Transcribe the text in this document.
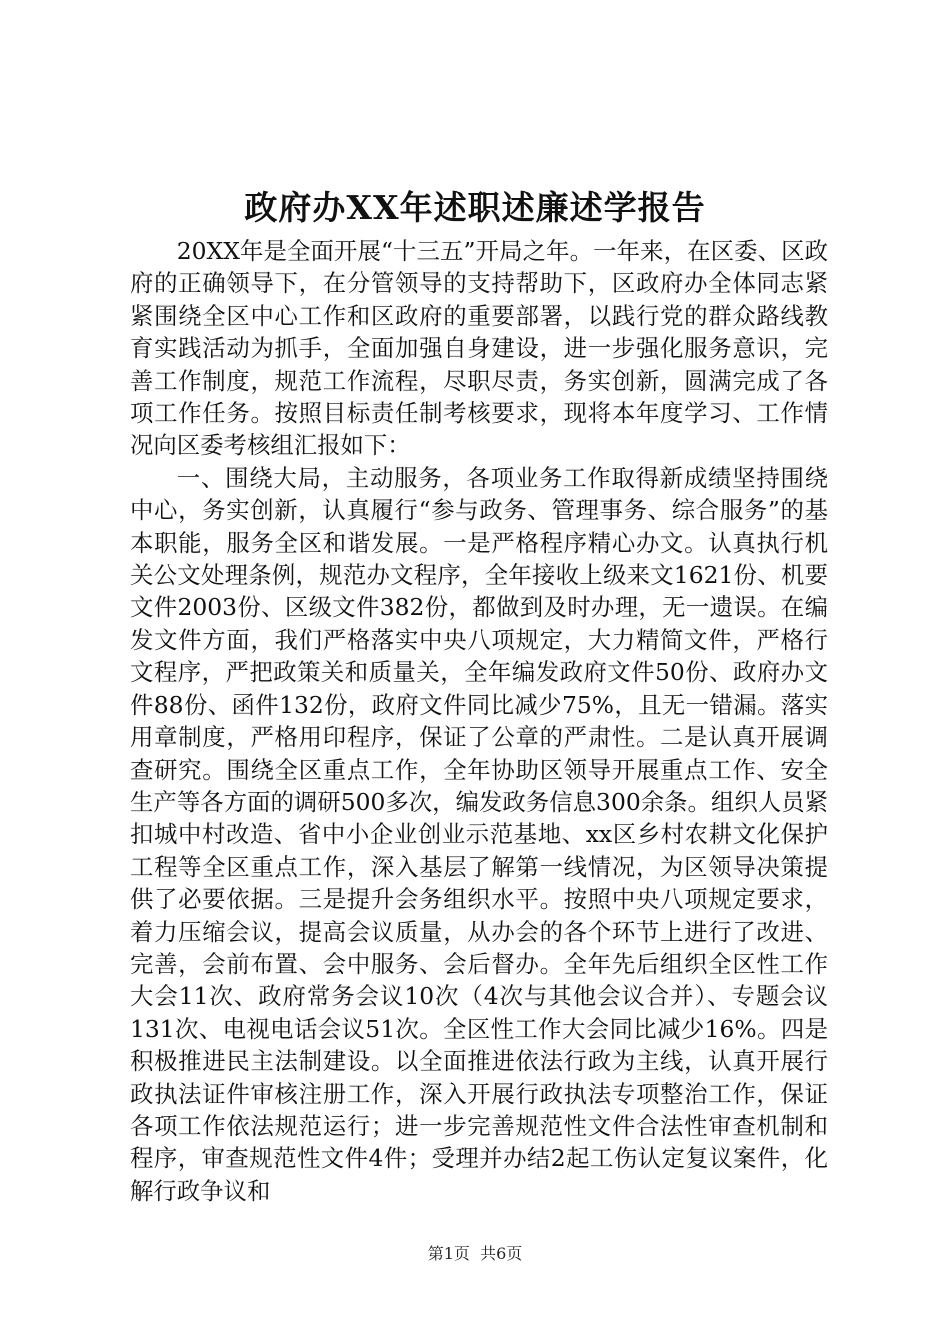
政府办XX年述职述廉述学报告

20XX年是全面开展“十三五”开局之年。一年来，在区委、区政府的正确领导下，在分管领导的支持帮助下，区政府办全体同志紧紧围绕全区中心工作和区政府的重要部署，以践行党的群众路线教育实践活动为抓手，全面加强自身建设，进一步强化服务意识，完善工作制度，规范工作流程，尽职尽责，务实创新，圆满完成了各项工作任务。按照目标责任制考核要求，现将本年度学习、工作情况向区委考核组汇报如下：

一、围绕大局，主动服务，各项业务工作取得新成绩坚持围绕中心，务实创新，认真履行“参与政务、管理事务、综合服务”的基本职能，服务全区和谐发展。一是严格程序精心办文。认真执行机关公文处理条例，规范办文程序，全年接收上级来文1621份、机要文件2003份、区级文件382份，都做到及时办理，无一遗误。在编发文件方面，我们严格落实中央八项规定，大力精简文件，严格行文程序，严把政策关和质量关，全年编发政府文件50份、政府办文件88份、函件132份，政府文件同比减少75%，且无一错漏。落实用章制度，严格用印程序，保证了公章的严肃性。二是认真开展调查研究。围绕全区重点工作，全年协助区领导开展重点工作、安全生产等各方面的调研500多次，编发政务信息300余条。组织人员紧扣城中村改造、省中小企业创业示范基地、xx区乡村农耕文化保护工程等全区重点工作，深入基层了解第一线情况，为区领导决策提供了必要依据。三是提升会务组织水平。按照中央八项规定要求，着力压缩会议，提高会议质量，从办会的各个环节上进行了改进、完善，会前布置、会中服务、会后督办。全年先后组织全区性工作大会11次、政府常务会议10次（4次与其他会议合并）、专题会议131次、电视电话会议51次。全区性工作大会同比减少16%。四是积极推进民主法制建设。以全面推进依法行政为主线，认真开展行政执法证件审核注册工作，深入开展行政执法专项整治工作，保证各项工作依法规范运行；进一步完善规范性文件合法性审查机制和程序，审查规范性文件4件；受理并办结2起工伤认定复议案件，化解行政争议和

第1页 共6页
